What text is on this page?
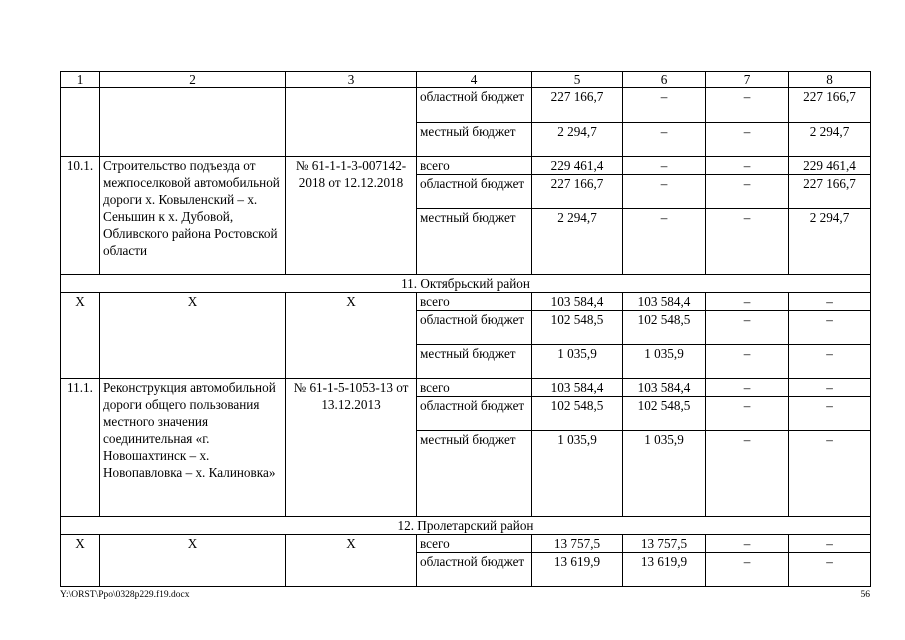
1	2	3	4	5	6	7	8
			областной бюджет	227 166,7	–	–	227 166,7
			местный бюджет	2 294,7	–	–	2 294,7
10.1.	Строительство подъезда от межпоселковой автомобильной дороги х. Ковыленский – х. Сеньшин к х. Дубовой, Обливского района Ростовской области	№ 61-1-1-3-007142-2018 от 12.12.2018	всего	229 461,4	–	–	229 461,4
			областной бюджет	227 166,7	–	–	227 166,7
			местный бюджет	2 294,7	–	–	2 294,7
11. Октябрьский район							
Х	Х	Х	всего	103 584,4	103 584,4	–	–
			областной бюджет	102 548,5	102 548,5	–	–
			местный бюджет	1 035,9	1 035,9	–	–
11.1.	Реконструкция автомобильной дороги общего пользования местного значения соединительная «г. Новошахтинск – х. Новопавловка – х. Калиновка»	№ 61-1-5-1053-13 от 13.12.2013	всего	103 584,4	103 584,4	–	–
			областной бюджет	102 548,5	102 548,5	–	–
			местный бюджет	1 035,9	1 035,9	–	–
12. Пролетарский район							
Х	Х	Х	всего	13 757,5	13 757,5	–	–
			областной бюджет	13 619,9	13 619,9	–	–
Y:\ORST\Ppo\0328p229.f19.docx	56
